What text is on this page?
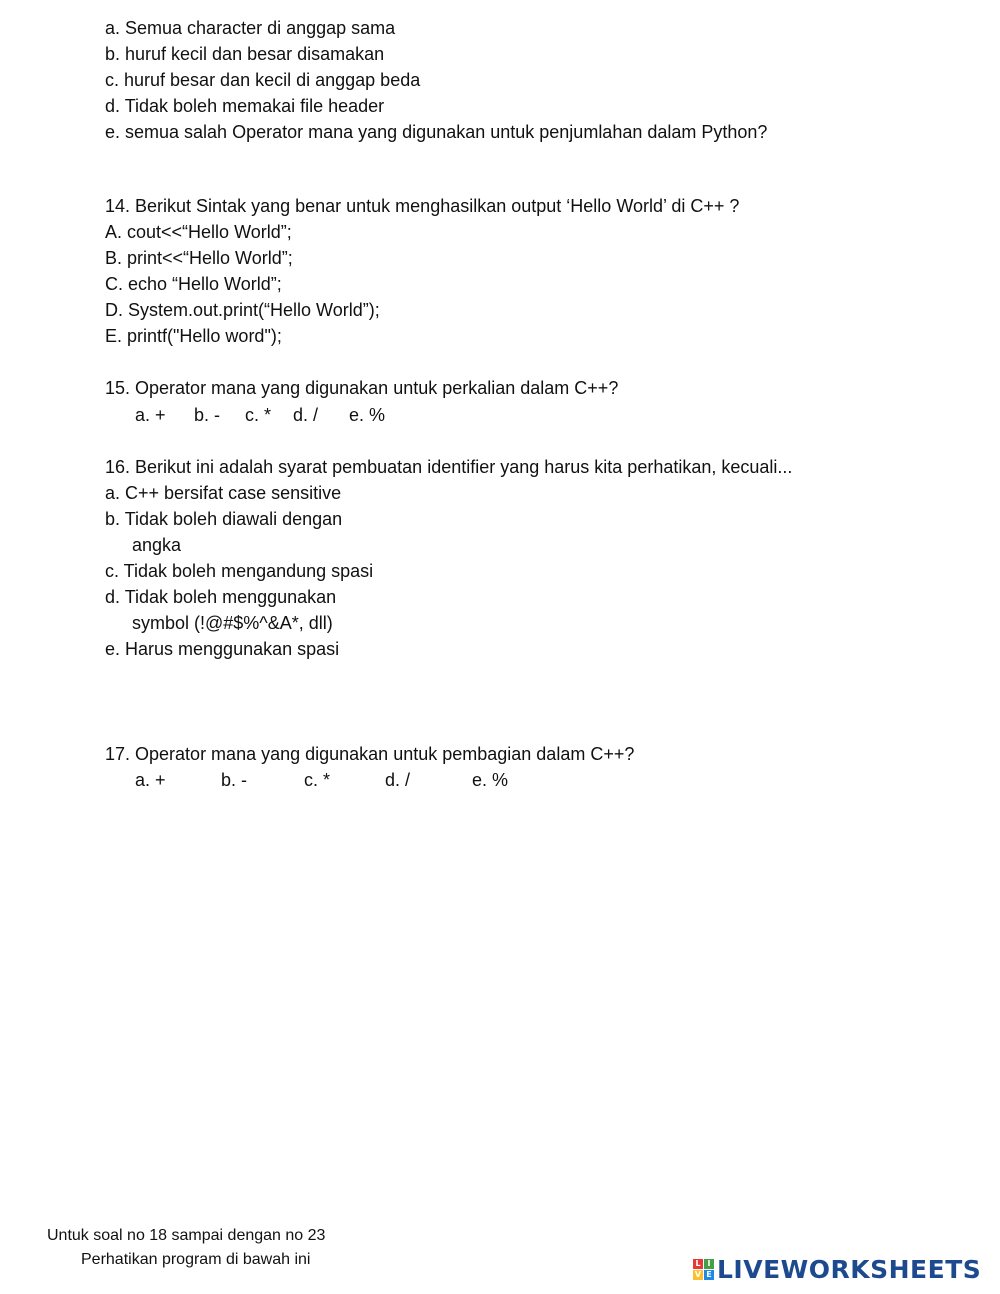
a. Semua character di anggap sama
b. huruf kecil dan besar disamakan
c. huruf besar dan kecil di anggap beda
d. Tidak boleh memakai file header
e. semua salah Operator mana yang digunakan untuk penjumlahan dalam Python?
14. Berikut Sintak yang benar untuk menghasilkan output ‘Hello World’ di C++ ?
A. cout<<“Hello World”;
B. print<<“Hello World”;
C. echo “Hello World”;
D. System.out.print(“Hello World”);
E. printf("Hello word");
15. Operator mana yang digunakan untuk perkalian dalam C++?
a. + b. - c. * d. / e. %
16. Berikut ini adalah syarat pembuatan identifier yang harus kita perhatikan, kecuali...
a. C++ bersifat case sensitive
b. Tidak boleh diawali dengan
angka
c. Tidak boleh mengandung spasi
d. Tidak boleh menggunakan
symbol (!@#$%^&A*, dll)
e. Harus menggunakan spasi
17. Operator mana yang digunakan untuk pembagian dalam C++?
a. +	b. -	c. *	d. /	e. %
Untuk soal no 18 sampai dengan no 23
Perhatikan program di bawah ini	L I
V E LIVEWORKSHEETS
